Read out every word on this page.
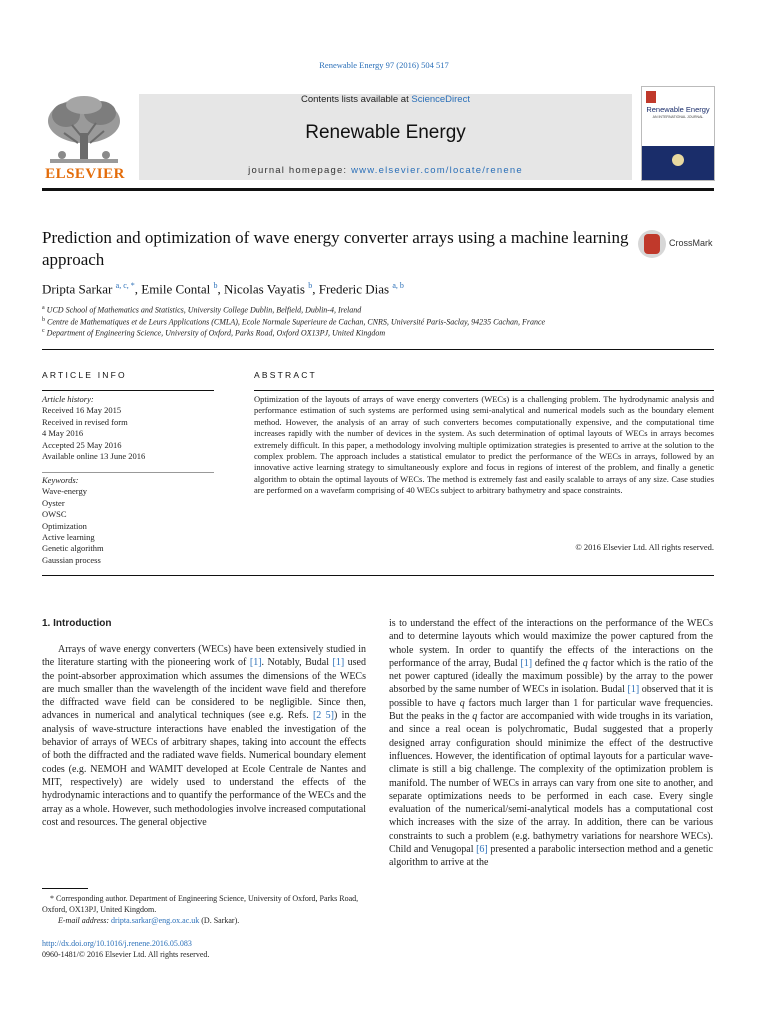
Renewable Energy 97 (2016) 504 517
Contents lists available at ScienceDirect
Renewable Energy
journal homepage: www.elsevier.com/locate/renene
ELSEVIER
Renewable Energy
AN INTERNATIONAL JOURNAL
Prediction and optimization of wave energy converter arrays using a machine learning approach
CrossMark
Dripta Sarkar $^{a, c, *}$, Emile Contal $^b$, Nicolas Vayatis $^b$, Frederic Dias $^{a, b}$
$^a$ UCD School of Mathematics and Statistics, University College Dublin, Belfield, Dublin-4, Ireland
$^b$ Centre de Mathematiques et de Leurs Applications (CMLA), Ecole Normale Superieure de Cachan, CNRS, Université Paris-Saclay, 94235 Cachan, France
$^c$ Department of Engineering Science, University of Oxford, Parks Road, Oxford OX13PJ, United Kingdom
ARTICLE INFO
Article history:
Received 16 May 2015
Received in revised form
4 May 2016
Accepted 25 May 2016
Available online 13 June 2016
Keywords:
Wave-energy
Oyster
OWSC
Optimization
Active learning
Genetic algorithm
Gaussian process
ABSTRACT
Optimization of the layouts of arrays of wave energy converters (WECs) is a challenging problem. The hydrodynamic analysis and performance estimation of such systems are performed using semi-analytical and numerical models such as the boundary element method. However, the analysis of an array of such converters becomes computationally expensive, and the computational time increases rapidly with the number of devices in the system. As such determination of optimal layouts of WECs in arrays becomes extremely difficult. In this paper, a methodology involving multiple optimization strategies is presented to arrive at the solution to the complex problem. The approach includes a statistical emulator to predict the performance of the WECs in arrays, followed by an innovative active learning strategy to simultaneously explore and focus in regions of interest of the problem, and finally a genetic algorithm to obtain the optimal layouts of WECs. The method is extremely fast and easily scalable to arrays of any size. Case studies are performed on a wavefarm comprising of 40 WECs subject to arbitrary bathymetry and space constraints.
© 2016 Elsevier Ltd. All rights reserved.
1. Introduction
Arrays of wave energy converters (WECs) have been extensively studied in the literature starting with the pioneering work of [1]. Notably, Budal [1] used the point-absorber approximation which assumes the dimensions of the WECs are much smaller than the wavelength of the incident wave field and therefore the diffracted wave field can be considered to be negligible. Since then, advances in numerical and analytical techniques (see e.g. Refs. [2 5]) in the analysis of wave-structure interactions have enabled the investigation of the behavior of arrays of WECs of arbitrary shapes, taking into account the effects of both the diffracted and the radiated wave fields. Numerical boundary element codes (e.g. NEMOH and WAMIT developed at Ecole Centrale de Nantes and MIT, respectively) are widely used to understand the effects of the hydrodynamic interactions and to quantify the performance of the WECs and the array as a whole. However, such methodologies involve increased computational cost and resources. The general objective
is to understand the effect of the interactions on the performance of the WECs and to determine layouts which would maximize the power captured from the whole system. In order to quantify the effects of the interactions on the performance of the array, Budal [1] defined the q factor which is the ratio of the net power captured (ideally the maximum possible) by the array to the power absorbed by the same number of WECs in isolation. Budal [1] observed that it is possible to have q factors much larger than 1 for particular wave frequencies. But the peaks in the q factor are accompanied with wide troughs in its variation, and since a real ocean is polychromatic, Budal suggested that a properly designed array configuration should minimize the effect of the destructive influences. However, the identification of optimal layouts for a particular wave-climate is still a big challenge. The complexity of the optimization problem is manifold. The number of WECs in arrays can vary from one site to another, and separate optimizations needs to be performed in each case. Every single evaluation of the numerical/semi-analytical models has a computational cost which increases with the size of the array. In addition, there can be various constraints to such a problem (e.g. bathymetry variations for nearshore WECs). Child and Venugopal [6] presented a parabolic intersection method and a genetic algorithm to arrive at the
* Corresponding author. Department of Engineering Science, University of Oxford, Parks Road, Oxford, OX13PJ, United Kingdom.
E-mail address: dripta.sarkar@eng.ox.ac.uk (D. Sarkar).
http://dx.doi.org/10.1016/j.renene.2016.05.083
0960-1481/© 2016 Elsevier Ltd. All rights reserved.
